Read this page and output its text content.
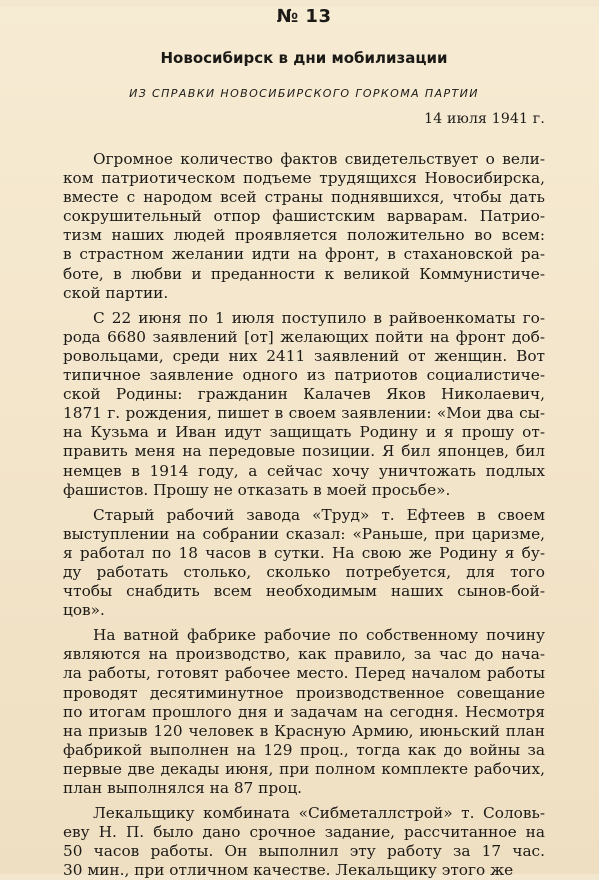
№ 13
Новосибирск в дни мобилизации
ИЗ СПРАВКИ НОВОСИБИРСКОГО ГОРКОМА ПАРТИИ
14 июля 1941 г.

Огромное количество фактов свидетельствует о вели-
ком патриотическом подъеме трудящихся Новосибирска,
вместе с народом всей страны поднявшихся, чтобы дать
сокрушительный отпор фашистским варварам. Патрио-
тизм наших людей проявляется положительно во всем:
в страстном желании идти на фронт, в стахановской ра-
боте, в любви и преданности к великой Коммунистиче-
ской партии.

С 22 июня по 1 июля поступило в райвоенкоматы го-
рода 6680 заявлений [от] желающих пойти на фронт доб-
ровольцами, среди них 2411 заявлений от женщин. Вот
типичное заявление одного из патриотов социалистиче-
ской Родины: гражданин Калачев Яков Николаевич,
1871 г. рождения, пишет в своем заявлении: «Мои два сы-
на Кузьма и Иван идут защищать Родину и я прошу от-
править меня на передовые позиции. Я бил японцев, бил
немцев в 1914 году, а сейчас хочу уничтожать подлых
фашистов. Прошу не отказать в моей просьбе».

Старый рабочий завода «Труд» т. Ефтеев в своем
выступлении на собрании сказал: «Раньше, при царизме,
я работал по 18 часов в сутки. На свою же Родину я бу-
ду работать столько, сколько потребуется, для того
чтобы снабдить всем необходимым наших сынов-бой-
цов».

На ватной фабрике рабочие по собственному почину
являются на производство, как правило, за час до нача-
ла работы, готовят рабочее место. Перед началом работы
проводят десятиминутное производственное совещание
по итогам прошлого дня и задачам на сегодня. Несмотря
на призыв 120 человек в Красную Армию, июньский план
фабрикой выполнен на 129 проц., тогда как до войны за
первые две декады июня, при полном комплекте рабочих,
план выполнялся на 87 проц.

Лекальщику комбината «Сибметаллстрой» т. Соловь-
еву Н. П. было дано срочное задание, рассчитанное на
50 часов работы. Он выполнил эту работу за 17 час.
30 мин., при отличном качестве. Лекальщику этого же
